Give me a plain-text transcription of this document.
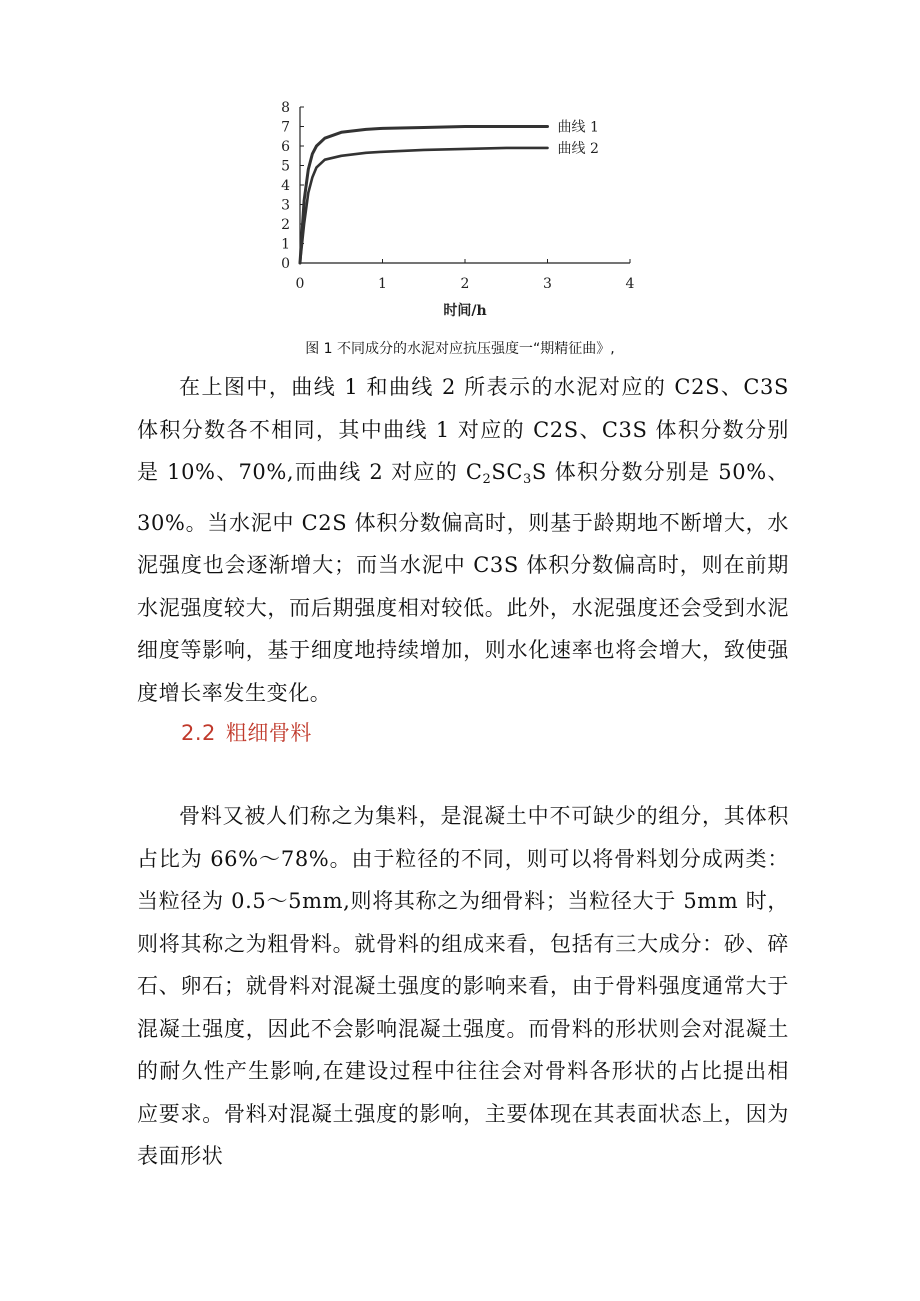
0	1	2	3	4
0
1
2
3
4
5
6
7
8
时间/h
曲线 1
曲线 2
图 1 不同成分的水泥对应抗压强度一“期精征曲》,

在上图中，曲线 1 和曲线 2 所表示的水泥对应的 C2S、C3S 体积分数各不相同，其中曲线 1 对应的 C2S、C3S 体积分数分别是 10%、70%,而曲线 2 对应的 $C_2SC_3S$ 体积分数分别是 50%、30%。当水泥中 C2S 体积分数偏高时，则基于龄期地不断增大，水泥强度也会逐渐增大；而当水泥中 C3S 体积分数偏高时，则在前期水泥强度较大，而后期强度相对较低。此外，水泥强度还会受到水泥细度等影响，基于细度地持续增加，则水化速率也将会增大，致使强度增长率发生变化。

2.2 粗细骨料

骨料又被人们称之为集料，是混凝土中不可缺少的组分，其体积占比为 66%～78%。由于粒径的不同，则可以将骨料划分成两类：当粒径为 0.5～5mm,则将其称之为细骨料；当粒径大于 5mm 时，则将其称之为粗骨料。就骨料的组成来看，包括有三大成分：砂、碎石、卵石；就骨料对混凝土强度的影响来看，由于骨料强度通常大于混凝土强度，因此不会影响混凝土强度。而骨料的形状则会对混凝土的耐久性产生影响,在建设过程中往往会对骨料各形状的占比提出相应要求。骨料对混凝土强度的影响，主要体现在其表面状态上，因为表面形状
